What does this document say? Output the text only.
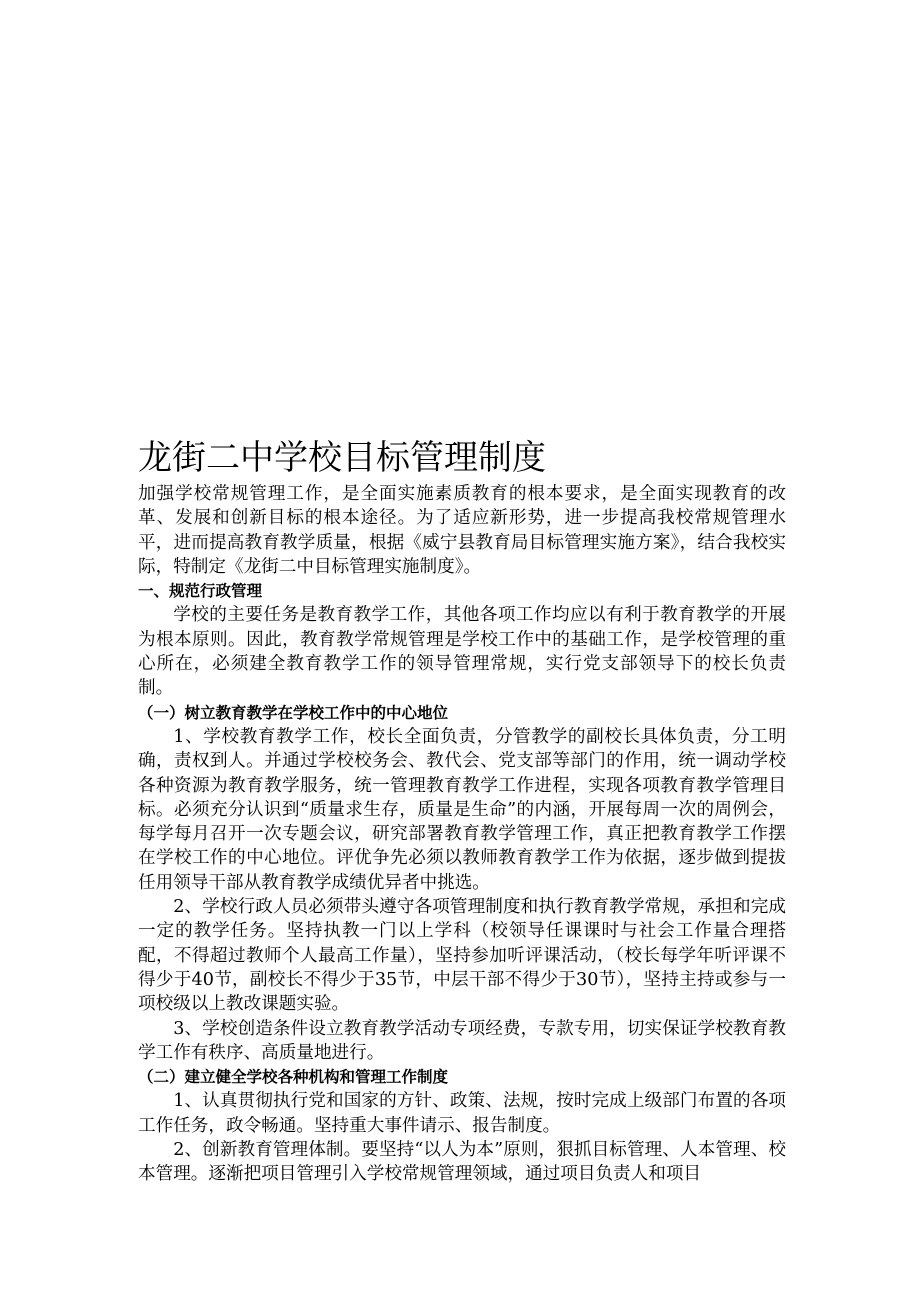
龙街二中学校目标管理制度

加强学校常规管理工作，是全面实施素质教育的根本要求，是全面实现教育的改革、发展和创新目标的根本途径。为了适应新形势，进一步提高我校常规管理水平，进而提高教育教学质量，根据《威宁县教育局目标管理实施方案》，结合我校实际，特制定《龙街二中目标管理实施制度》。

一、规范行政管理

学校的主要任务是教育教学工作，其他各项工作均应以有利于教育教学的开展为根本原则。因此，教育教学常规管理是学校工作中的基础工作，是学校管理的重心所在，必须建全教育教学工作的领导管理常规，实行党支部领导下的校长负责制。

（一）树立教育教学在学校工作中的中心地位

1、学校教育教学工作，校长全面负责，分管教学的副校长具体负责，分工明确，责权到人。并通过学校校务会、教代会、党支部等部门的作用，统一调动学校各种资源为教育教学服务，统一管理教育教学工作进程，实现各项教育教学管理目标。必须充分认识到“质量求生存，质量是生命”的内涵，开展每周一次的周例会，每学每月召开一次专题会议，研究部署教育教学管理工作，真正把教育教学工作摆在学校工作的中心地位。评优争先必须以教师教育教学工作为依据，逐步做到提拔任用领导干部从教育教学成绩优异者中挑选。

2、学校行政人员必须带头遵守各项管理制度和执行教育教学常规，承担和完成一定的教学任务。坚持执教一门以上学科（校领导任课课时与社会工作量合理搭配，不得超过教师个人最高工作量），坚持参加听评课活动，（校长每学年听评课不得少于40节，副校长不得少于35节，中层干部不得少于30节），坚持主持或参与一项校级以上教改课题实验。

3、学校创造条件设立教育教学活动专项经费，专款专用，切实保证学校教育教学工作有秩序、高质量地进行。

（二）建立健全学校各种机构和管理工作制度

1、认真贯彻执行党和国家的方针、政策、法规，按时完成上级部门布置的各项工作任务，政令畅通。坚持重大事件请示、报告制度。

2、创新教育管理体制。要坚持“以人为本”原则，狠抓目标管理、人本管理、校本管理。逐渐把项目管理引入学校常规管理领域，通过项目负责人和项目
